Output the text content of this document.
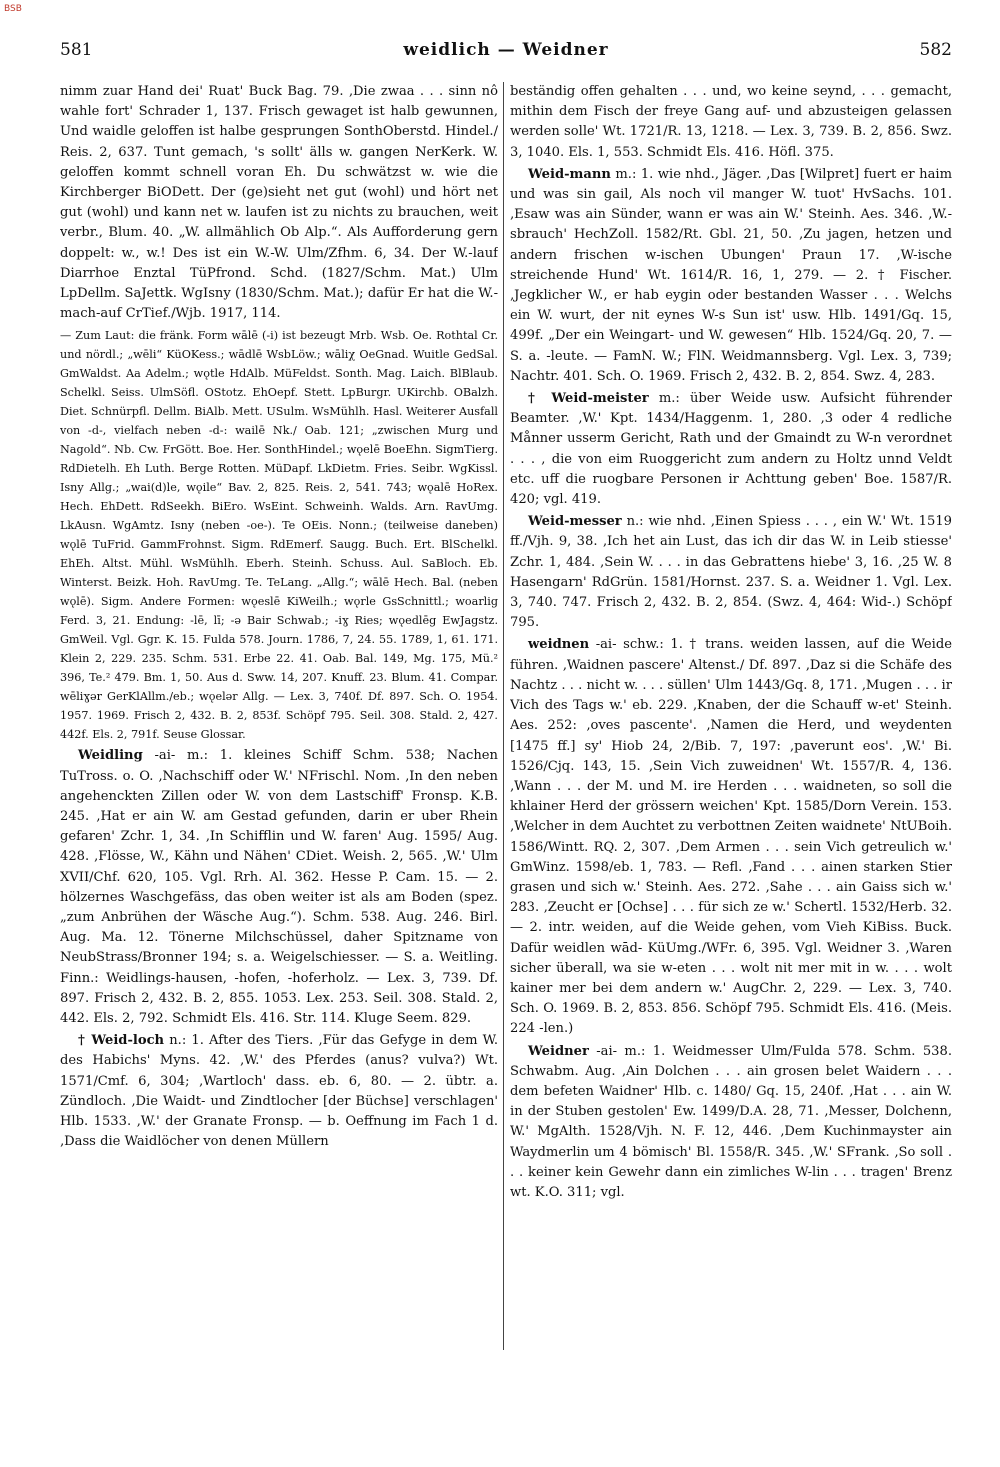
BSB
581	weidlich — Weidner	582
nimm zuar Hand dei' Ruat' Buck Bag. 79. ‚Die zwaa . . . sinn nô wahle fort' Schrader 1, 137. Frisch gewaget ist halb gewunnen, Und waidle geloffen ist halbe gesprungen SonthOberstd. Hindel./ Reis. 2, 637. Tunt gemach, 's sollt' älls w. gangen NerKerk. W. geloffen kommt schnell voran Eh. Du schwätzst w. wie die Kirchberger BiODett. Der (ge)sieht net gut (wohl) und hört net gut (wohl) und kann net w. laufen ist zu nichts zu brauchen, weit verbr., Blum. 40. „W. allmählich Ob Alp.“. Als Aufforderung gern doppelt: w., w.! Des ist ein W.-W. Ulm/Zfhm. 6, 34. Der W.-lauf Diarrhoe Enztal TüPfrond. Schd. (1827/Schm. Mat.) Ulm LpDellm. SaJettk. WgIsny (1830/Schm. Mat.); dafür Er hat die W.-mach-auf CrTief./Wjb. 1917, 114.
— Zum Laut: die fränk. Form wālē (-i) ist bezeugt Mrb. Wsb. Oe. Rothtal Cr. und nördl.; „wēli“ KüOKess.; wādlē WsbLöw.; wāliχ OeGnad. Wuitle GedSal. GmWaldst. Aa Adelm.; wǫtle HdAlb. MüFeldst. Sonth. Mag. Laich. BlBlaub. Schelkl. Seiss. UlmSöfl. OStotz. EhOepf. Stett. LpBurgr. UKirchb. OBalzh. Diet. Schnürpfl. Dellm. BiAlb. Mett. USulm. WsMühlh. Hasl. Weiterer Ausfall von -d-, vielfach neben -d-: wailē Nk./ Oab. 121; „zwischen Murg und Nagold“. Nb. Cw. FrGött. Boe. Her. SonthHindel.; wǫelē BoeEhn. SigmTierg. RdDietelh. Eh Luth. Berge Rotten. MüDapf. LkDietm. Fries. Seibr. WgKissl. Isny Allg.; „wai(d)le, wǫile“ Bav. 2, 825. Reis. 2, 541. 743; wǫalē HoRex. Hech. EhDett. RdSeekh. BiEro. WsEint. Schweinh. Walds. Arn. RavUmg. LkAusn. WgAmtz. Isny (neben -oe-). Te OEis. Nonn.; (teilweise daneben) wǫlē TuFrid. GammFrohnst. Sigm. RdEmerf. Saugg. Buch. Ert. BlSchelkl. EhEh. Altst. Mühl. WsMühlh. Eberh. Steinh. Schuss. Aul. SaBloch. Eb. Winterst. Beizk. Hoh. RavUmg. Te. TeLang. „Allg.“; wālē Hech. Bal. (neben wǫlē). Sigm. Andere Formen: wǫeslē KiWeilh.; wǫrle GsSchnittl.; woarlig Ferd. 3, 21. Endung: -lē, lī; -ə Bair Schwab.; -iɣ Ries; wǫedlēg EwJagstz. GmWeil. Vgl. Ggr. K. 15. Fulda 578. Journ. 1786, 7, 24. 55. 1789, 1, 61. 171. Klein 2, 229. 235. Schm. 531. Erbe 22. 41. Oab. Bal. 149, Mg. 175, Mü.² 396, Te.² 479. Bm. 1, 50. Aus d. Sww. 14, 207. Knuff. 23. Blum. 41. Compar. wēliɣər GerKlAllm./eb.; wǫelər Allg. — Lex. 3, 740f. Df. 897. Sch. O. 1954. 1957. 1969. Frisch 2, 432. B. 2, 853f. Schöpf 795. Seil. 308. Stald. 2, 427. 442f. Els. 2, 791f. Seuse Glossar.
Weidling -ai- m.: 1. kleines Schiff Schm. 538; Nachen TuTross. o. O. ‚Nachschiff oder W.' NFrischl. Nom. ‚In den neben angehenckten Zillen oder W. von dem Lastschiff' Fronsp. K.B. 245. ‚Hat er ain W. am Gestad gefunden, darin er uber Rhein gefaren' Zchr. 1, 34. ‚In Schifflin und W. faren' Aug. 1595/ Aug. 428. ‚Flösse, W., Kähn und Nähen' CDiet. Weish. 2, 565. ‚W.' Ulm XVII/Chf. 620, 105. Vgl. Rrh. Al. 362. Hesse P. Cam. 15. — 2. hölzernes Waschgefäss, das oben weiter ist als am Boden (spez. „zum Anbrühen der Wäsche Aug.“). Schm. 538. Aug. 246. Birl. Aug. Ma. 12. Tönerne Milchschüssel, daher Spitzname von NeubStrass/Bronner 194; s. a. Weigelschiesser. — S. a. Weitling. Finn.: Weidlings-hausen, -hofen, -hoferholz. — Lex. 3, 739. Df. 897. Frisch 2, 432. B. 2, 855. 1053. Lex. 253. Seil. 308. Stald. 2, 442. Els. 2, 792. Schmidt Els. 416. Str. 114. Kluge Seem. 829.
† Weid-loch n.: 1. After des Tiers. ‚Für das Gefyge in dem W. des Habichs' Myns. 42. ‚W.' des Pferdes (anus? vulva?) Wt. 1571/Cmf. 6, 304; ‚Wartloch' dass. eb. 6, 80. — 2. übtr. a. Zündloch. ‚Die Waidt- und Zindtlocher [der Büchse] verschlagen' Hlb. 1533. ‚W.' der Granate Fronsp. — b. Oeffnung im Fach 1 d. ‚Dass die Waidlöcher von denen Müllern
beständig offen gehalten . . . und, wo keine seynd, . . . gemacht, mithin dem Fisch der freye Gang auf- und abzusteigen gelassen werden solle' Wt. 1721/R. 13, 1218. — Lex. 3, 739. B. 2, 856. Swz. 3, 1040. Els. 1, 553. Schmidt Els. 416. Höfl. 375.
Weid-mann m.: 1. wie nhd., Jäger. ‚Das [Wilpret] fuert er haim und was sin gail, Als noch vil manger W. tuot' HvSachs. 101. ‚Esaw was ain Sünder, wann er was ain W.' Steinh. Aes. 346. ‚W.-sbrauch' HechZoll. 1582/Rt. Gbl. 21, 50. ‚Zu jagen, hetzen und andern frischen w-ischen Ubungen' Praun 17. ‚W-ische streichende Hund' Wt. 1614/R. 16, 1, 279. — 2. † Fischer. ‚Jegklicher W., er hab eygin oder bestanden Wasser . . . Welchs ein W. wurt, der nit eynes W-s Sun ist' usw. Hlb. 1491/Gq. 15, 499f. „Der ein Weingart- und W. gewesen“ Hlb. 1524/Gq. 20, 7. — S. a. -leute. — FamN. W.; FlN. Weidmannsberg. Vgl. Lex. 3, 739; Nachtr. 401. Sch. O. 1969. Frisch 2, 432. B. 2, 854. Swz. 4, 283.
† Weid-meister m.: über Weide usw. Aufsicht führender Beamter. ‚W.' Kpt. 1434/Haggenm. 1, 280. ‚3 oder 4 redliche Månner usserm Gericht, Rath und der Gmaindt zu W-n verordnet . . . , die von eim Ruoggericht zum andern zu Holtz unnd Veldt etc. uff die ruogbare Personen ir Achttung geben' Boe. 1587/R. 420; vgl. 419.
Weid-messer n.: wie nhd. ‚Einen Spiess . . . , ein W.' Wt. 1519 ff./Vjh. 9, 38. ‚Ich het ain Lust, das ich dir das W. in Leib stiesse' Zchr. 1, 484. ‚Sein W. . . . in das Gebrattens hiebe' 3, 16. ‚25 W. 8 Hasengarn' RdGrün. 1581/Hornst. 237. S. a. Weidner 1. Vgl. Lex. 3, 740. 747. Frisch 2, 432. B. 2, 854. (Swz. 4, 464: Wid-.) Schöpf 795.
weidnen -ai- schw.: 1. † trans. weiden lassen, auf die Weide führen. ‚Waidnen pascere' Altenst./ Df. 897. ‚Daz si die Schäfe des Nachtz . . . nicht w. . . . süllen' Ulm 1443/Gq. 8, 171. ‚Mugen . . . ir Vich des Tags w.' eb. 229. ‚Knaben, der die Schauff w-et' Steinh. Aes. 252: ‚oves pascente'. ‚Namen die Herd, und weydenten [1475 ff.] sy' Hiob 24, 2/Bib. 7, 197: ‚paverunt eos'. ‚W.' Bi. 1526/Cjq. 143, 15. ‚Sein Vich zuweidnen' Wt. 1557/R. 4, 136. ‚Wann . . . der M. und M. ire Herden . . . waidneten, so soll die khlainer Herd der grössern weichen' Kpt. 1585/Dorn Verein. 153. ‚Welcher in dem Auchtet zu verbottnen Zeiten waidnete' NtUBoih. 1586/Wintt. RQ. 2, 307. ‚Dem Armen . . . sein Vich getreulich w.' GmWinz. 1598/eb. 1, 783. — Refl. ‚Fand . . . ainen starken Stier grasen und sich w.' Steinh. Aes. 272. ‚Sahe . . . ain Gaiss sich w.' 283. ‚Zeucht er [Ochse] . . . für sich ze w.' Schertl. 1532/Herb. 32. — 2. intr. weiden, auf die Weide gehen, vom Vieh KiBiss. Buck. Dafür weidlen wād- KüUmg./WFr. 6, 395. Vgl. Weidner 3. ‚Waren sicher überall, wa sie w-eten . . . wolt nit mer mit in w. . . . wolt kainer mer bei dem andern w.' AugChr. 2, 229. — Lex. 3, 740. Sch. O. 1969. B. 2, 853. 856. Schöpf 795. Schmidt Els. 416. (Meis. 224 -len.)
Weidner -ai- m.: 1. Weidmesser Ulm/Fulda 578. Schm. 538. Schwabm. Aug. ‚Ain Dolchen . . . ain grosen belet Waidern . . . dem befeten Waidner' Hlb. c. 1480/ Gq. 15, 240f. ‚Hat . . . ain W. in der Stuben gestolen' Ew. 1499/D.A. 28, 71. ‚Messer, Dolchenn, W.' MgAlth. 1528/Vjh. N. F. 12, 446. ‚Dem Kuchinmayster ain Waydmerlin um 4 bömisch' Bl. 1558/R. 345. ‚W.' SFrank. ‚So soll . . . keiner kein Gewehr dann ein zimliches W-lin . . . tragen' Brenz wt. K.O. 311; vgl.
